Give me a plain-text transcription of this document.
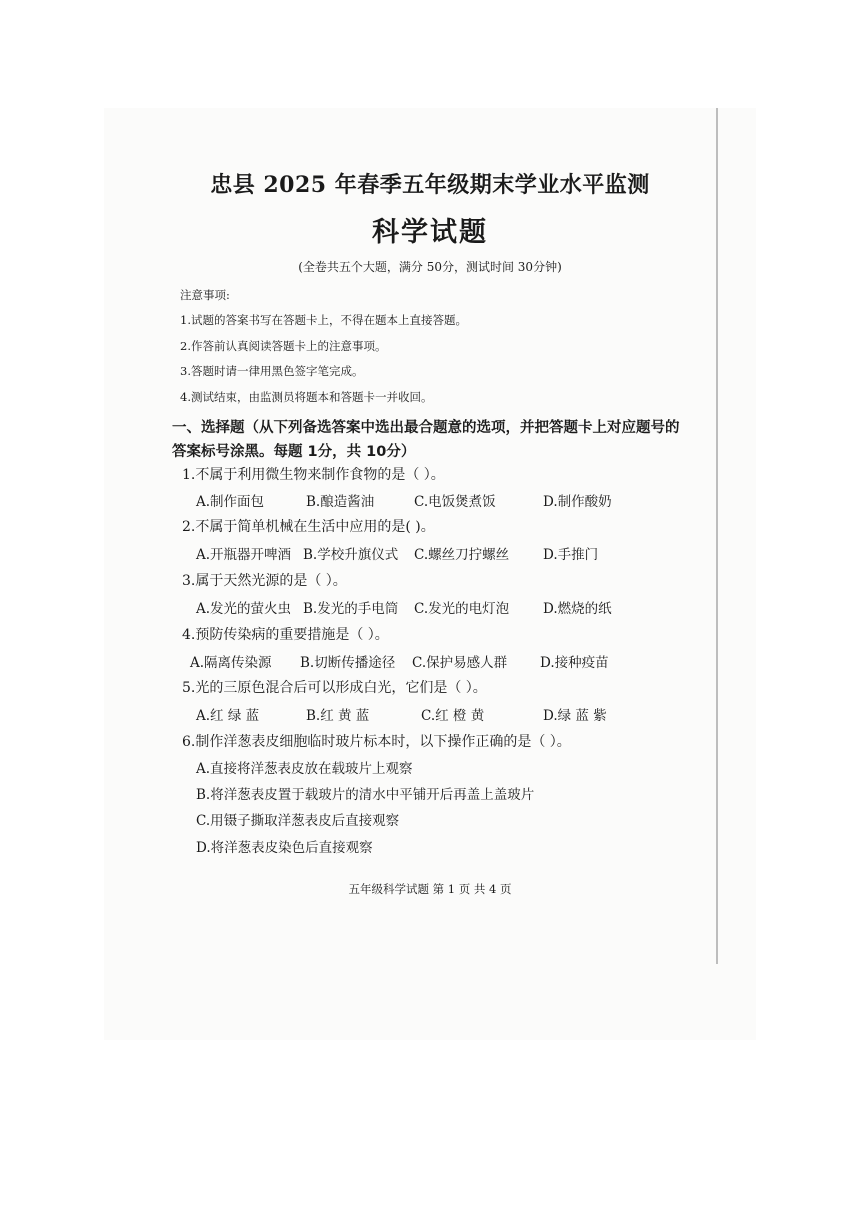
忠县 2025 年春季五年级期末学业水平监测
科学试题
(全卷共五个大题，满分 50分，测试时间 30分钟)
注意事项:
1.试题的答案书写在答题卡上，不得在题本上直接答题。
2.作答前认真阅读答题卡上的注意事项。
3.答题时请一律用黑色签字笔完成。
4.测试结束，由监测员将题本和答题卡一并收回。
一、选择题（从下列备选答案中选出最合题意的选项，并把答题卡上对应题号的
答案标号涂黑。每题 1分，共 10分）
1.不属于利用微生物来制作食物的是（ ）。
A.制作面包	B.酿造酱油	C.电饭煲煮饭	D.制作酸奶
2.不属于简单机械在生活中应用的是( )。
A.开瓶器开啤酒 B.学校升旗仪式 C.螺丝刀拧螺丝	D.手推门
3.属于天然光源的是（ ）。
A.发光的萤火虫 B.发光的手电筒 C.发光的电灯泡	D.燃烧的纸
4.预防传染病的重要措施是（ ）。
A.隔离传染源 B.切断传播途径 C.保护易感人群 D.接种疫苗
5.光的三原色混合后可以形成白光，它们是（ ）。
A.红 绿 蓝	B.红 黄 蓝	C.红 橙 黄	D.绿 蓝 紫
6.制作洋葱表皮细胞临时玻片标本时，以下操作正确的是（ ）。
A.直接将洋葱表皮放在载玻片上观察
B.将洋葱表皮置于载玻片的清水中平铺开后再盖上盖玻片
C.用镊子撕取洋葱表皮后直接观察
D.将洋葱表皮染色后直接观察
五年级科学试题 第 1 页 共 4 页
